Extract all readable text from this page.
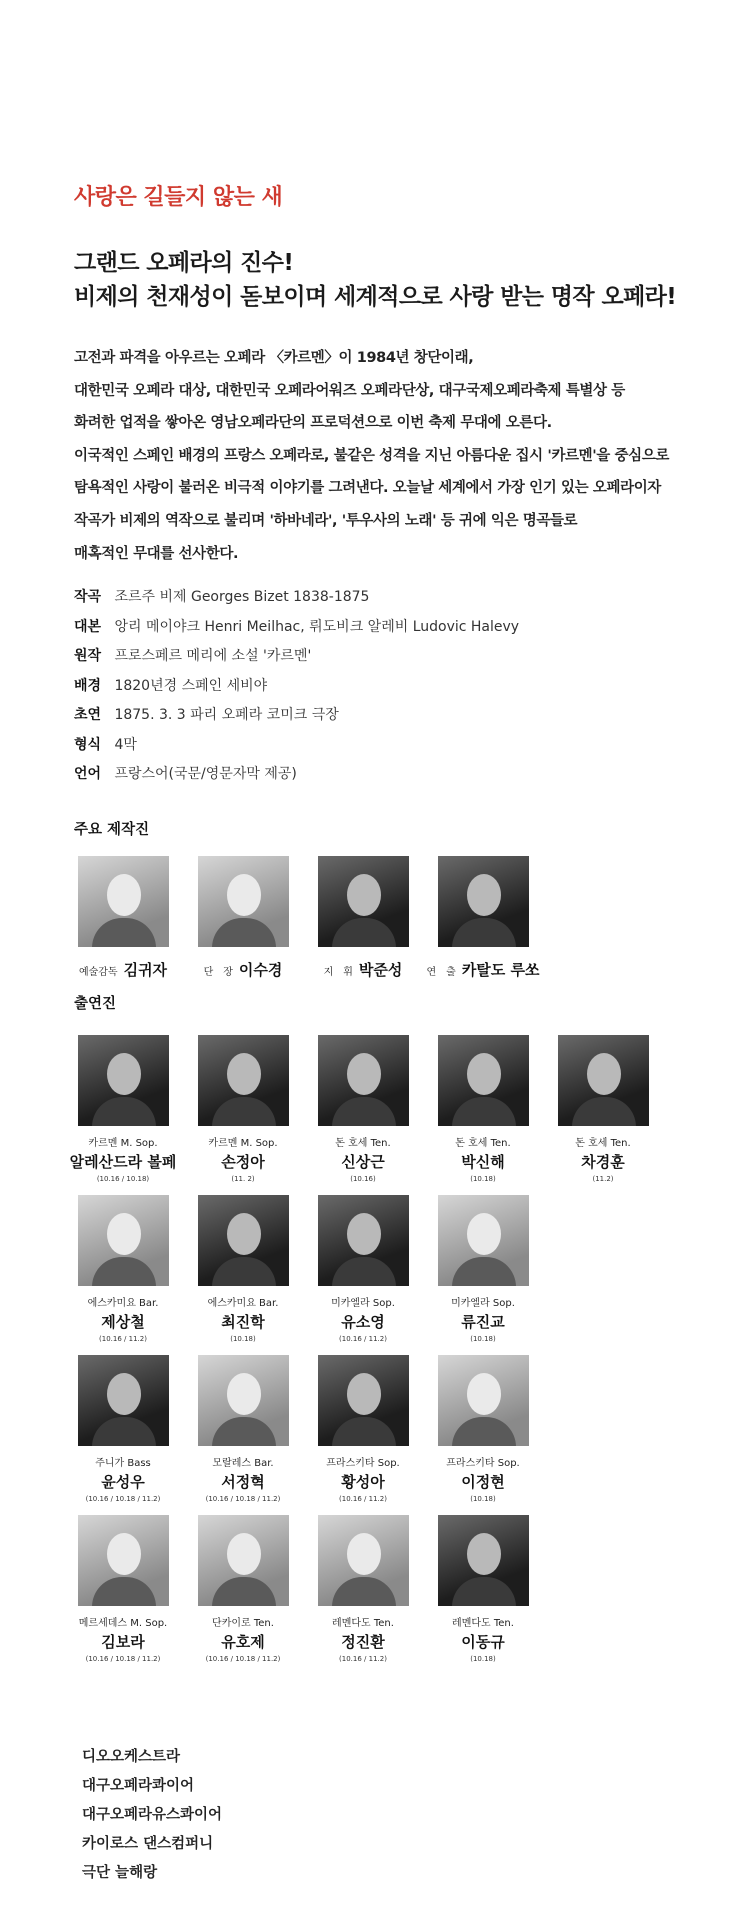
사랑은 길들지 않는 새
그랜드 오페라의 진수!
비제의 천재성이 돋보이며 세계적으로 사랑 받는 명작 오페라!
고전과 파격을 아우르는 오페라 〈카르멘〉이 1984년 창단이래,
대한민국 오페라 대상, 대한민국 오페라어워즈 오페라단상, 대구국제오페라축제 특별상 등
화려한 업적을 쌓아온 영남오페라단의 프로덕션으로 이번 축제 무대에 오른다.
이국적인 스페인 배경의 프랑스 오페라로, 불같은 성격을 지닌 아름다운 집시 '카르멘'을 중심으로
탐욕적인 사랑이 불러온 비극적 이야기를 그려낸다. 오늘날 세계에서 가장 인기 있는 오페라이자
작곡가 비제의 역작으로 불리며 '하바네라', '투우사의 노래' 등 귀에 익은 명곡들로
매혹적인 무대를 선사한다.
작곡 조르주 비제 Georges Bizet 1838-1875
대본 앙리 메이야크 Henri Meilhac, 뤼도비크 알레비 Ludovic Halevy
원작 프로스페르 메리에 소설 '카르멘'
배경 1820년경 스페인 세비야
초연 1875. 3. 3 파리 오페라 코미크 극장
형식 4막
언어 프랑스어(국문/영문자막 제공)
주요 제작진
예술감독 김귀자	단　장 이수경	지　휘 박준성	연　출 카탈도 루쏘
출연진
카르멘 M. Sop.
알레산드라 볼페
(10.16 / 10.18)
카르멘 M. Sop.
손정아
(11. 2)
돈 호세 Ten.
신상근
(10.16)
돈 호세 Ten.
박신해
(10.18)
돈 호세 Ten.
차경훈
(11.2)
에스카미요 Bar.
제상철
(10.16 / 11.2)
에스카미요 Bar.
최진학
(10.18)
미카엘라 Sop.
유소영
(10.16 / 11.2)
미카엘라 Sop.
류진교
(10.18)
주니가 Bass
윤성우
(10.16 / 10.18 / 11.2)
모랄레스 Bar.
서정혁
(10.16 / 10.18 / 11.2)
프라스키타 Sop.
황성아
(10.16 / 11.2)
프라스키타 Sop.
이정현
(10.18)
메르세데스 M. Sop.
김보라
(10.16 / 10.18 / 11.2)
단카이로 Ten.
유호제
(10.16 / 10.18 / 11.2)
레멘다도 Ten.
정진환
(10.16 / 11.2)
레멘다도 Ten.
이동규
(10.18)
디오오케스트라
대구오페라콰이어
대구오페라유스콰이어
카이로스 댄스컴퍼니
극단 늘해랑
